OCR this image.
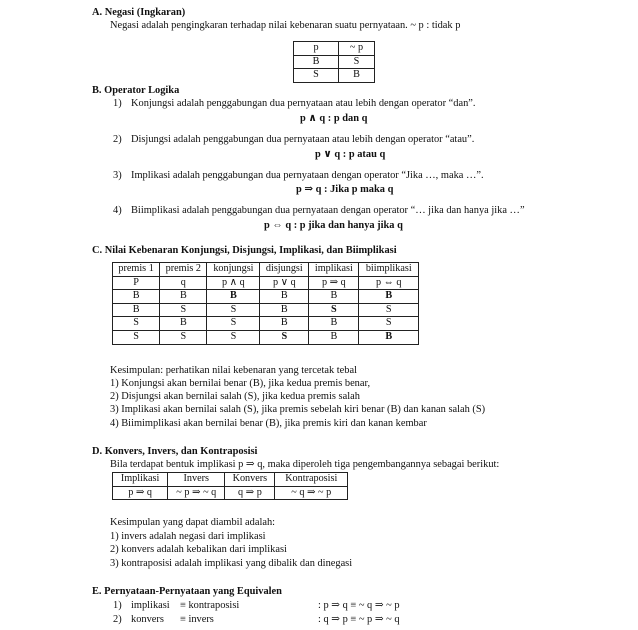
A. Negasi (Ingkaran)
Negasi adalah pengingkaran terhadap nilai kebenaran suatu pernyataan. ~ p : tidak p
p	~ p
B	S
S	B
B. Operator Logika
1) Konjungsi adalah penggabungan dua pernyataan atau lebih dengan operator “dan”.
p ∧ q : p dan q
2) Disjungsi adalah penggabungan dua pernyataan atau lebih dengan operator “atau”.
p ∨ q : p atau q
3) Implikasi adalah penggabungan dua pernyataan dengan operator “Jika …, maka …”.
p ⇒ q : Jika p maka q
4) Biimplikasi adalah penggabungan dua pernyataan dengan operator “… jika dan hanya jika …”
p ⇔ q : p jika dan hanya jika q
C. Nilai Kebenaran Konjungsi, Disjungsi, Implikasi, dan Biimplikasi
premis 1	premis 2	konjungsi	disjungsi	implikasi	biimplikasi
P	q	p ∧ q	p ∨ q	p ⇒ q	p ⇔ q
B	B	B	B	B	B
B	S	S	B	S	S
S	B	S	B	B	S
S	S	S	S	B	B
Kesimpulan: perhatikan nilai kebenaran yang tercetak tebal
1) Konjungsi akan bernilai benar (B), jika kedua premis benar,
2) Disjungsi akan bernilai salah (S), jika kedua premis salah
3) Implikasi akan bernilai salah (S), jika premis sebelah kiri benar (B) dan kanan salah (S)
4) Biimimplikasi akan bernilai benar (B), jika premis kiri dan kanan kembar
D. Konvers, Invers, dan Kontraposisi
Bila terdapat bentuk implikasi p ⇒ q, maka diperoleh tiga pengembangannya sebagai berikut:
Implikasi	Invers	Konvers	Kontraposisi
p ⇒ q	~ p ⇒ ~ q	q ⇒ p	~ q ⇒ ~ p
Kesimpulan yang dapat diambil adalah:
1) invers adalah negasi dari implikasi
2) konvers adalah kebalikan dari implikasi
3) kontraposisi adalah implikasi yang dibalik dan dinegasi
E. Pernyataan-Pernyataan yang Equivalen
1) implikasi ≡ kontraposisi	: p ⇒ q ≡ ~ q ⇒ ~ p
2) konvers ≡ invers	: q ⇒ p ≡ ~ p ⇒ ~ q
